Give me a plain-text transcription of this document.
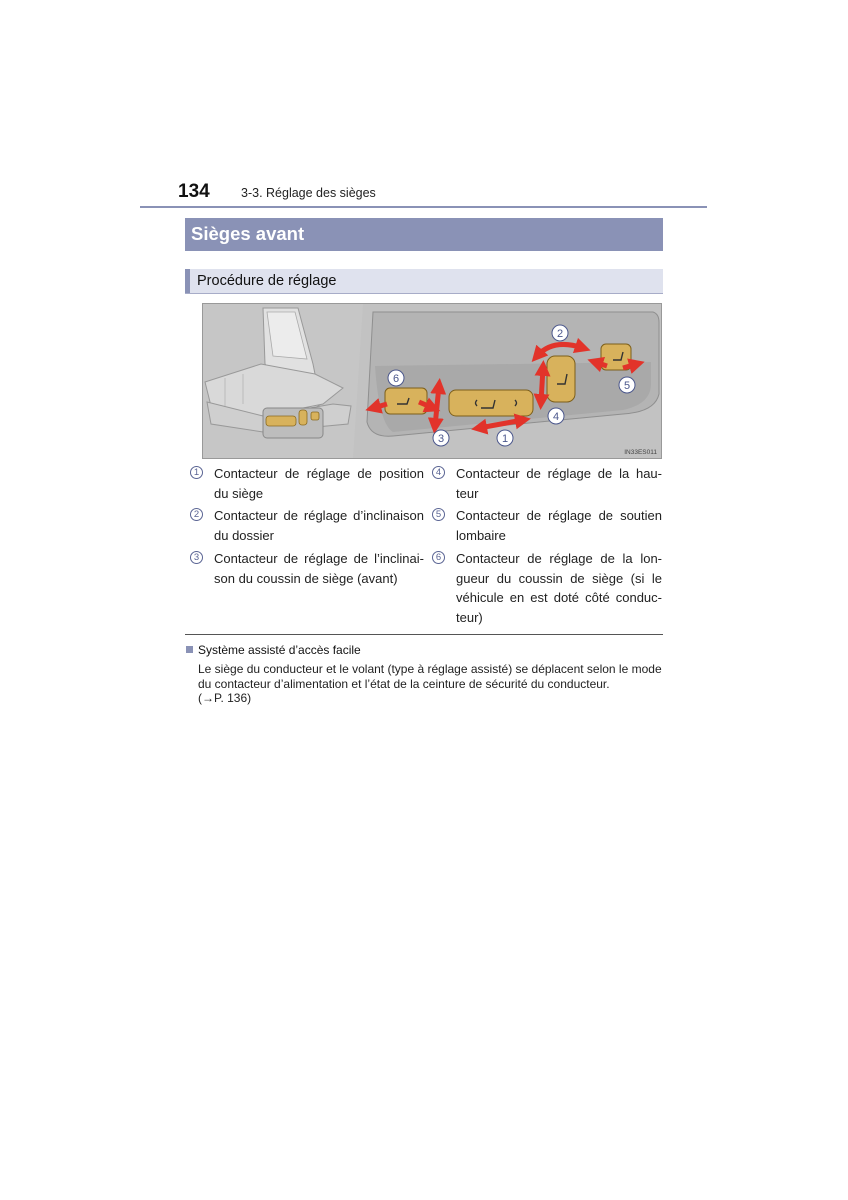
134	3-3. Réglage des sièges
Sièges avant
Procédure de réglage
1
2
3
4
5
6
IN33ES011
1 Contacteur de réglage de position du siège
2 Contacteur de réglage d’inclinaison du dossier
3 Contacteur de réglage de l’inclinai-son du coussin de siège (avant)
4 Contacteur de réglage de la hau-teur
5 Contacteur de réglage de soutien lombaire
6 Contacteur de réglage de la lon-gueur du coussin de siège (si le véhicule en est doté côté conduc-teur)
Système assisté d’accès facile
Le siège du conducteur et le volant (type à réglage assisté) se déplacent selon le mode
du contacteur d’alimentation et l’état de la ceinture de sécurité du conducteur.
(→P. 136)
